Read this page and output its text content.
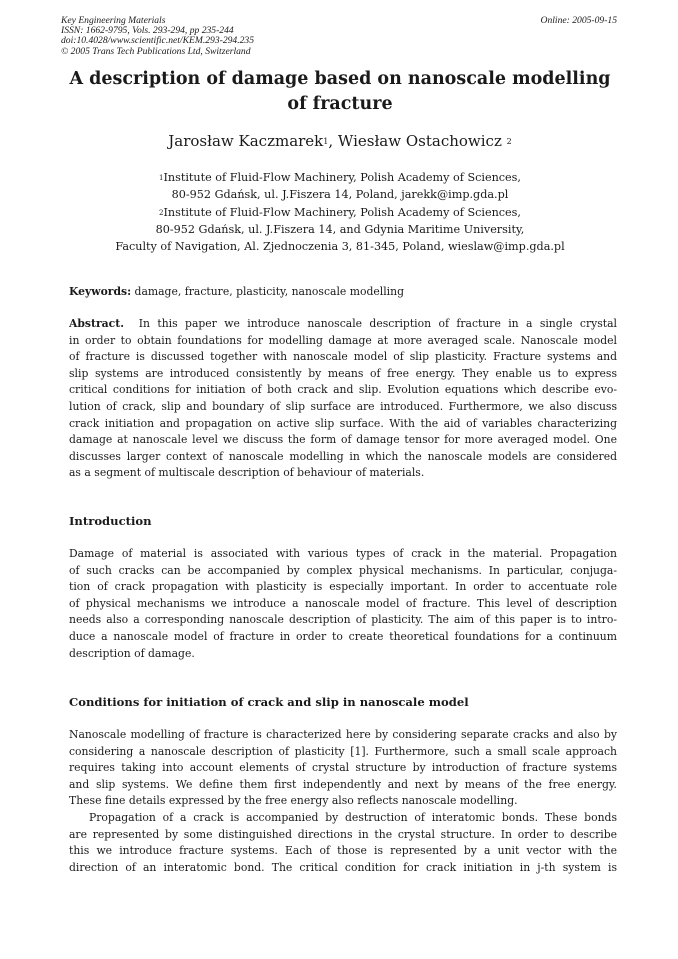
Key Engineering Materials
ISSN: 1662-9795, Vols. 293-294, pp 235-244
doi:10.4028/www.scientific.net/KEM.293-294.235
© 2005 Trans Tech Publications Ltd, Switzerland
Online: 2005-09-15
A description of damage based on nanoscale modelling
of fracture
Jarosław Kaczmarek$^1$, Wiesław Ostachowicz $^2$
$^1$Institute of Fluid-Flow Machinery, Polish Academy of Sciences,
80-952 Gdańsk, ul. J.Fiszera 14, Poland, jarekk@imp.gda.pl
$^2$Institute of Fluid-Flow Machinery, Polish Academy of Sciences,
80-952 Gdańsk, ul. J.Fiszera 14, and Gdynia Maritime University,
Faculty of Navigation, Al. Zjednoczenia 3, 81-345, Poland, wieslaw@imp.gda.pl
Keywords: damage, fracture, plasticity, nanoscale modelling
Abstract. In this paper we introduce nanoscale description of fracture in a single crystal
in order to obtain foundations for modelling damage at more averaged scale. Nanoscale model
of fracture is discussed together with nanoscale model of slip plasticity. Fracture systems and
slip systems are introduced consistently by means of free energy. They enable us to express
critical conditions for initiation of both crack and slip. Evolution equations which describe evo-
lution of crack, slip and boundary of slip surface are introduced. Furthermore, we also discuss
crack initiation and propagation on active slip surface. With the aid of variables characterizing
damage at nanoscale level we discuss the form of damage tensor for more averaged model. One
discusses larger context of nanoscale modelling in which the nanoscale models are considered
as a segment of multiscale description of behaviour of materials.
Introduction
Damage of material is associated with various types of crack in the material. Propagation
of such cracks can be accompanied by complex physical mechanisms. In particular, conjuga-
tion of crack propagation with plasticity is especially important. In order to accentuate role
of physical mechanisms we introduce a nanoscale model of fracture. This level of description
needs also a corresponding nanoscale description of plasticity. The aim of this paper is to intro-
duce a nanoscale model of fracture in order to create theoretical foundations for a continuum
description of damage.
Conditions for initiation of crack and slip in nanoscale model
Nanoscale modelling of fracture is characterized here by considering separate cracks and also by
considering a nanoscale description of plasticity [1]. Furthermore, such a small scale approach
requires taking into account elements of crystal structure by introduction of fracture systems
and slip systems. We define them first independently and next by means of the free energy.
These fine details expressed by the free energy also reflects nanoscale modelling.
Propagation of a crack is accompanied by destruction of interatomic bonds. These bonds
are represented by some distinguished directions in the crystal structure. In order to describe
this we introduce fracture systems. Each of those is represented by a unit vector with the
direction of an interatomic bond. The critical condition for crack initiation in j-th system is
